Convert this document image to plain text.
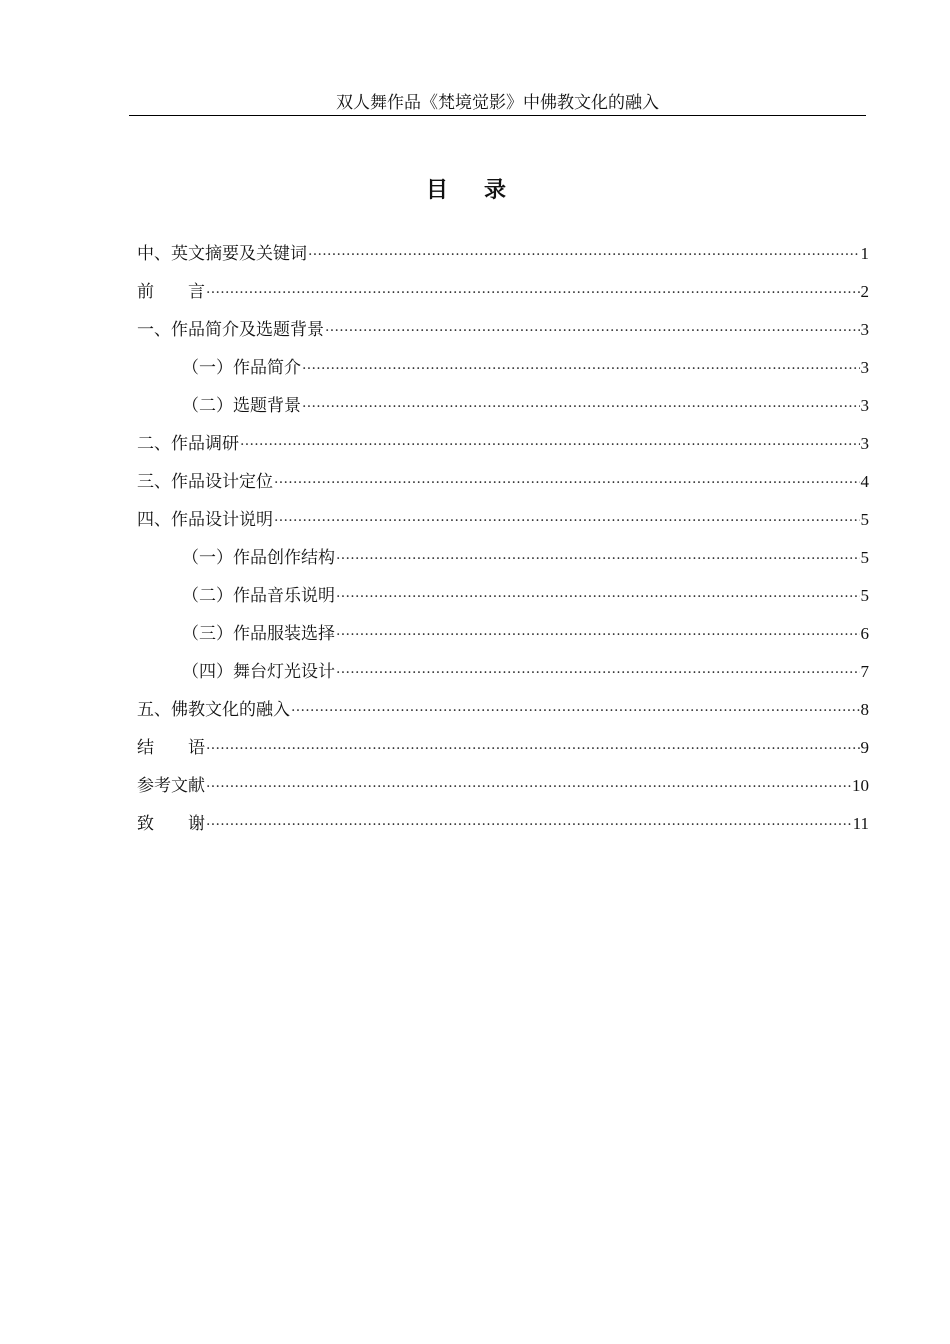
双人舞作品《梵境觉影》中佛教文化的融入
目录
中、英文摘要及关键词 ·····	1
前　　言 ·····	2
一、作品简介及选题背景 ·····	3
（一）作品简介 ·····	3
（二）选题背景 ·····	3
二、作品调研 ·····	3
三、作品设计定位 ·····	4
四、作品设计说明 ·····	5
（一）作品创作结构 ·····	5
（二）作品音乐说明 ·····	5
（三）作品服装选择 ·····	6
（四）舞台灯光设计 ·····	7
五、佛教文化的融入 ·····	8
结　　语 ·····	9
参考文献 ·····	10
致　　谢 ·····	11
